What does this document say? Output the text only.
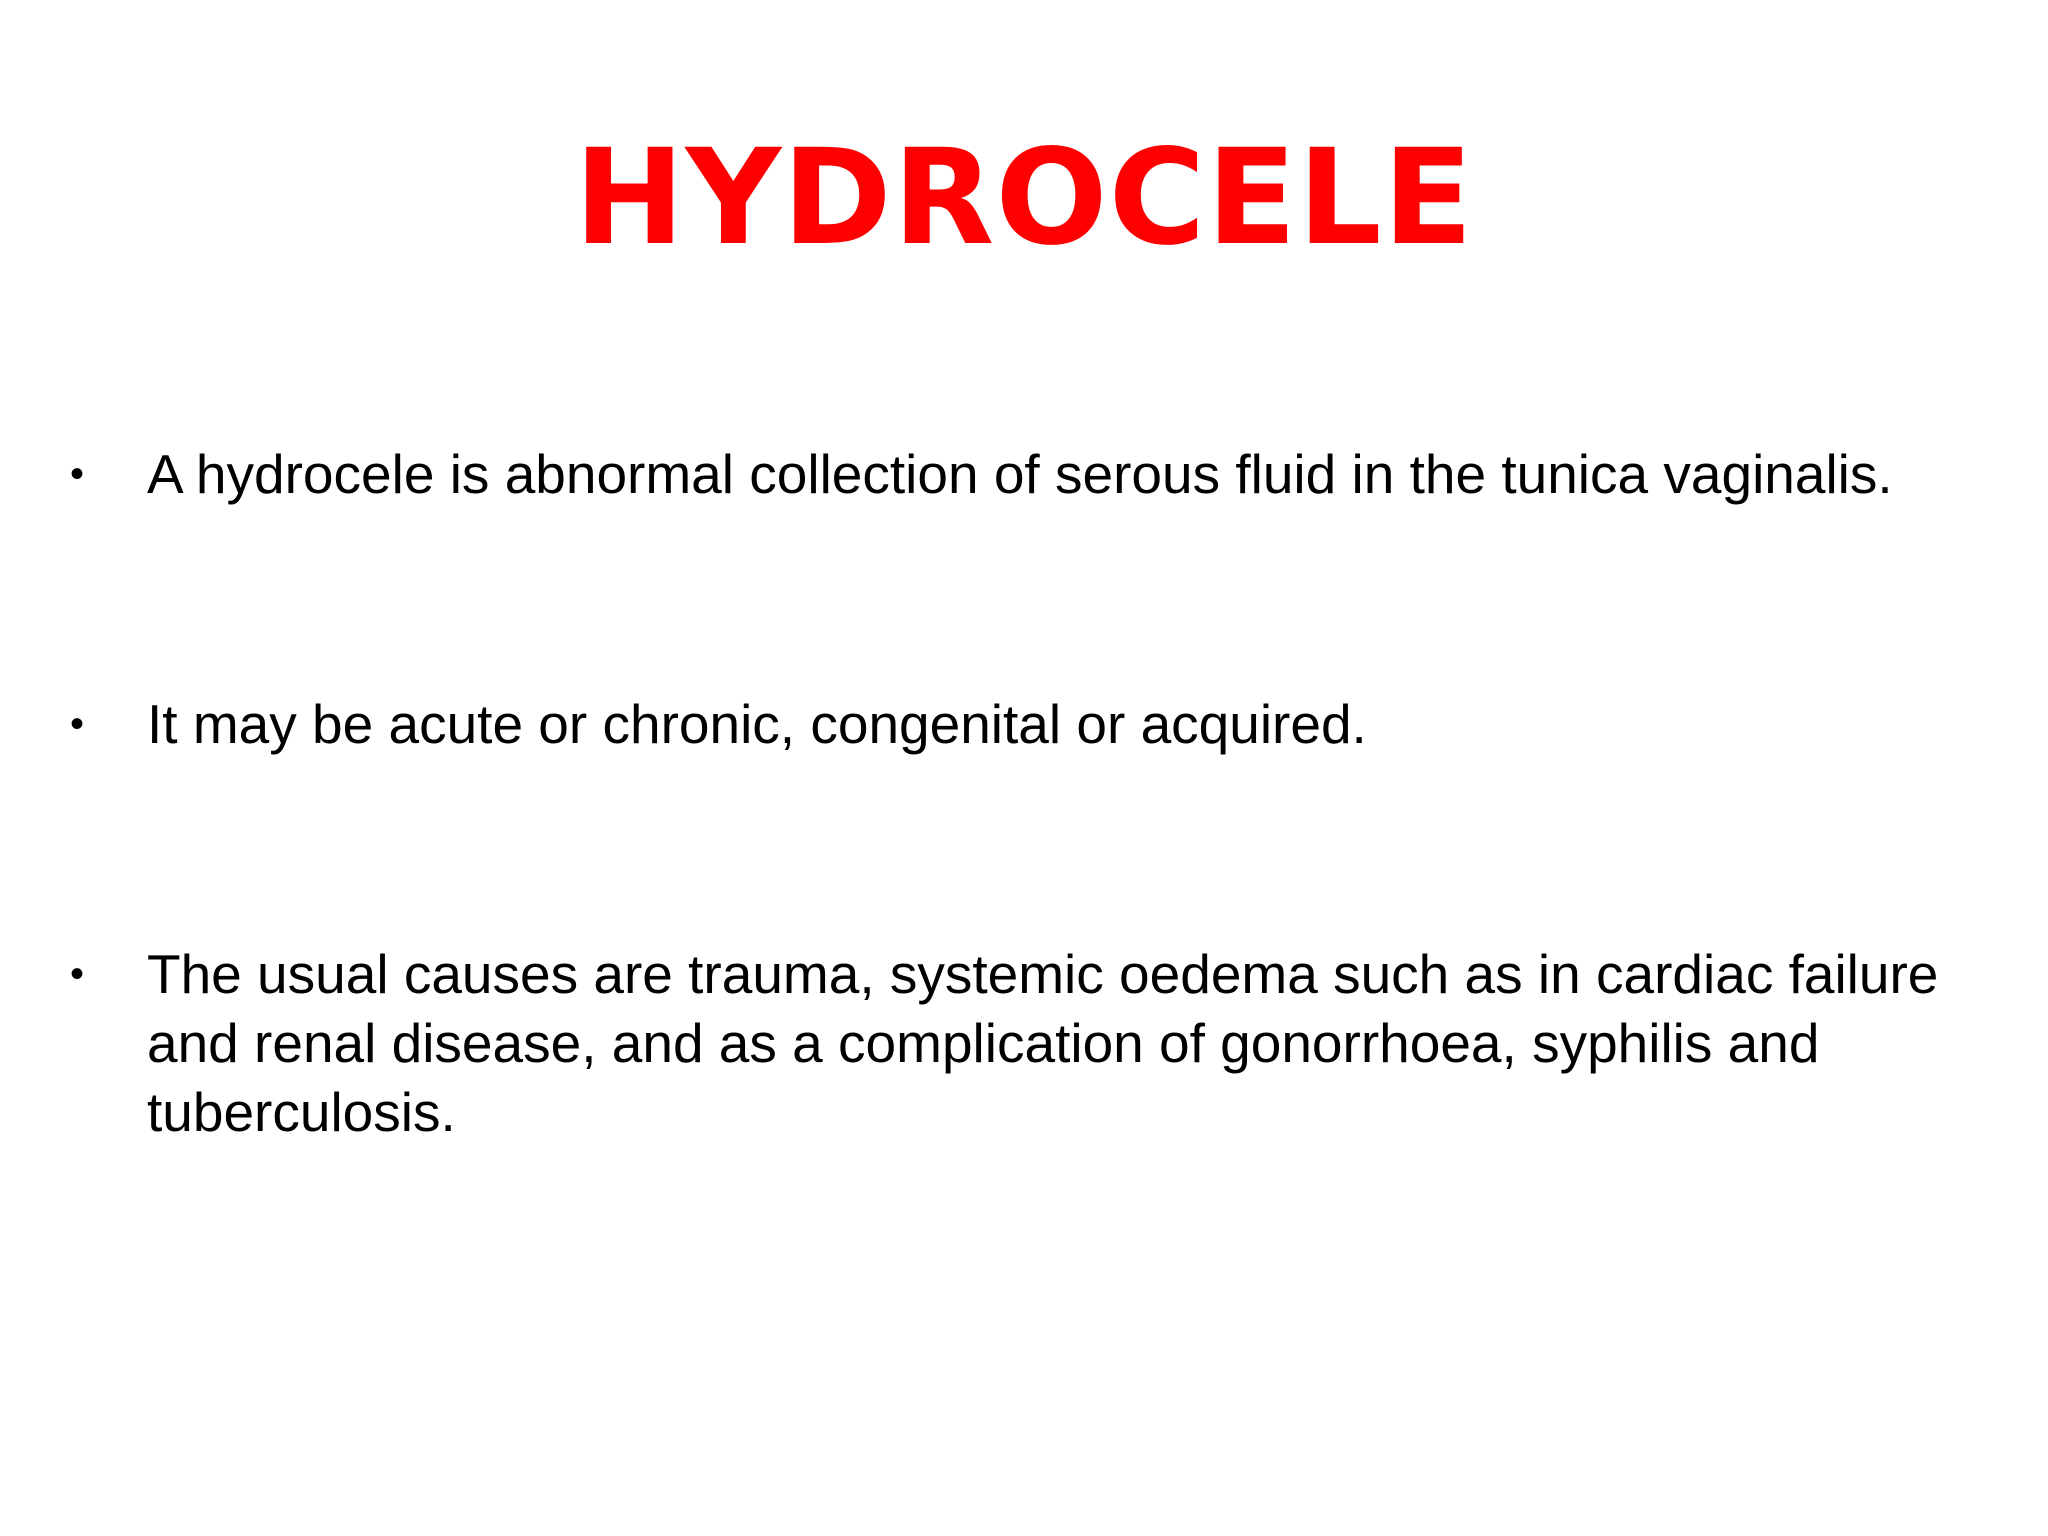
HYDROCELE
• A hydrocele is abnormal collection of serous fluid in the tunica vaginalis.
• It may be acute or chronic, congenital or acquired.
• The usual causes are trauma, systemic oedema such as in cardiac failure and renal disease, and as a complication of gonorrhoea, syphilis and tuberculosis.
